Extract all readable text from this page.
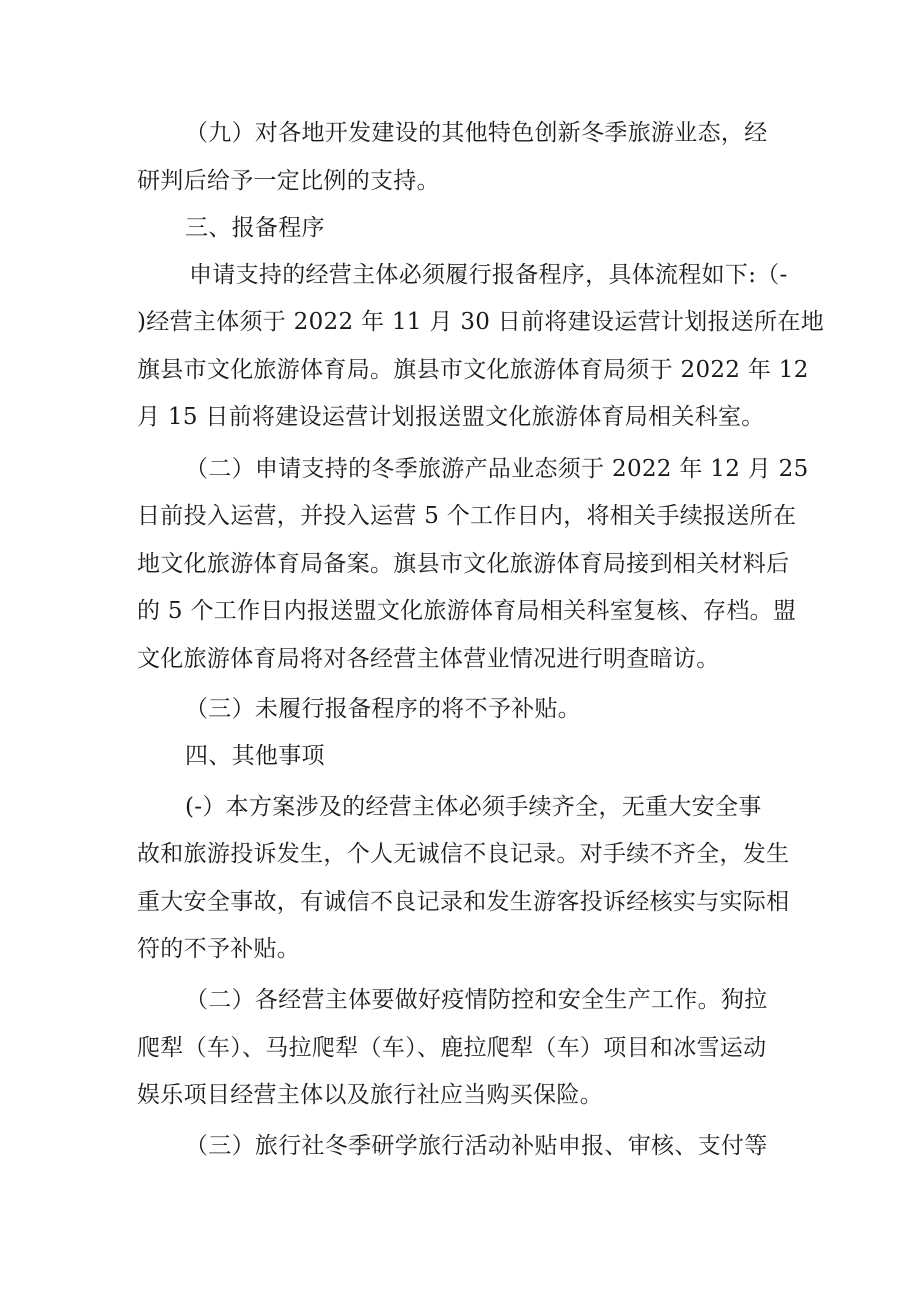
（九）对各地开发建设的其他特色创新冬季旅游业态，经
研判后给予一定比例的支持。
三、报备程序
申请支持的经营主体必须履行报备程序，具体流程如下:（-
)经营主体须于 2022 年 11 月 30 日前将建设运营计划报送所在地
旗县市文化旅游体育局。旗县市文化旅游体育局须于 2022 年 12
月 15 日前将建设运营计划报送盟文化旅游体育局相关科室。
（二）申请支持的冬季旅游产品业态须于 2022 年 12 月 25
日前投入运营，并投入运营 5 个工作日内，将相关手续报送所在
地文化旅游体育局备案。旗县市文化旅游体育局接到相关材料后
的 5 个工作日内报送盟文化旅游体育局相关科室复核、存档。盟
文化旅游体育局将对各经营主体营业情况进行明查暗访。
（三）未履行报备程序的将不予补贴。
四、其他事项
(-）本方案涉及的经营主体必须手续齐全，无重大安全事
故和旅游投诉发生，个人无诚信不良记录。对手续不齐全，发生
重大安全事故，有诚信不良记录和发生游客投诉经核实与实际相
符的不予补贴。
（二）各经营主体要做好疫情防控和安全生产工作。狗拉
爬犁（车）、马拉爬犁（车）、鹿拉爬犁（车）项目和冰雪运动
娱乐项目经营主体以及旅行社应当购买保险。
（三）旅行社冬季研学旅行活动补贴申报、审核、支付等
